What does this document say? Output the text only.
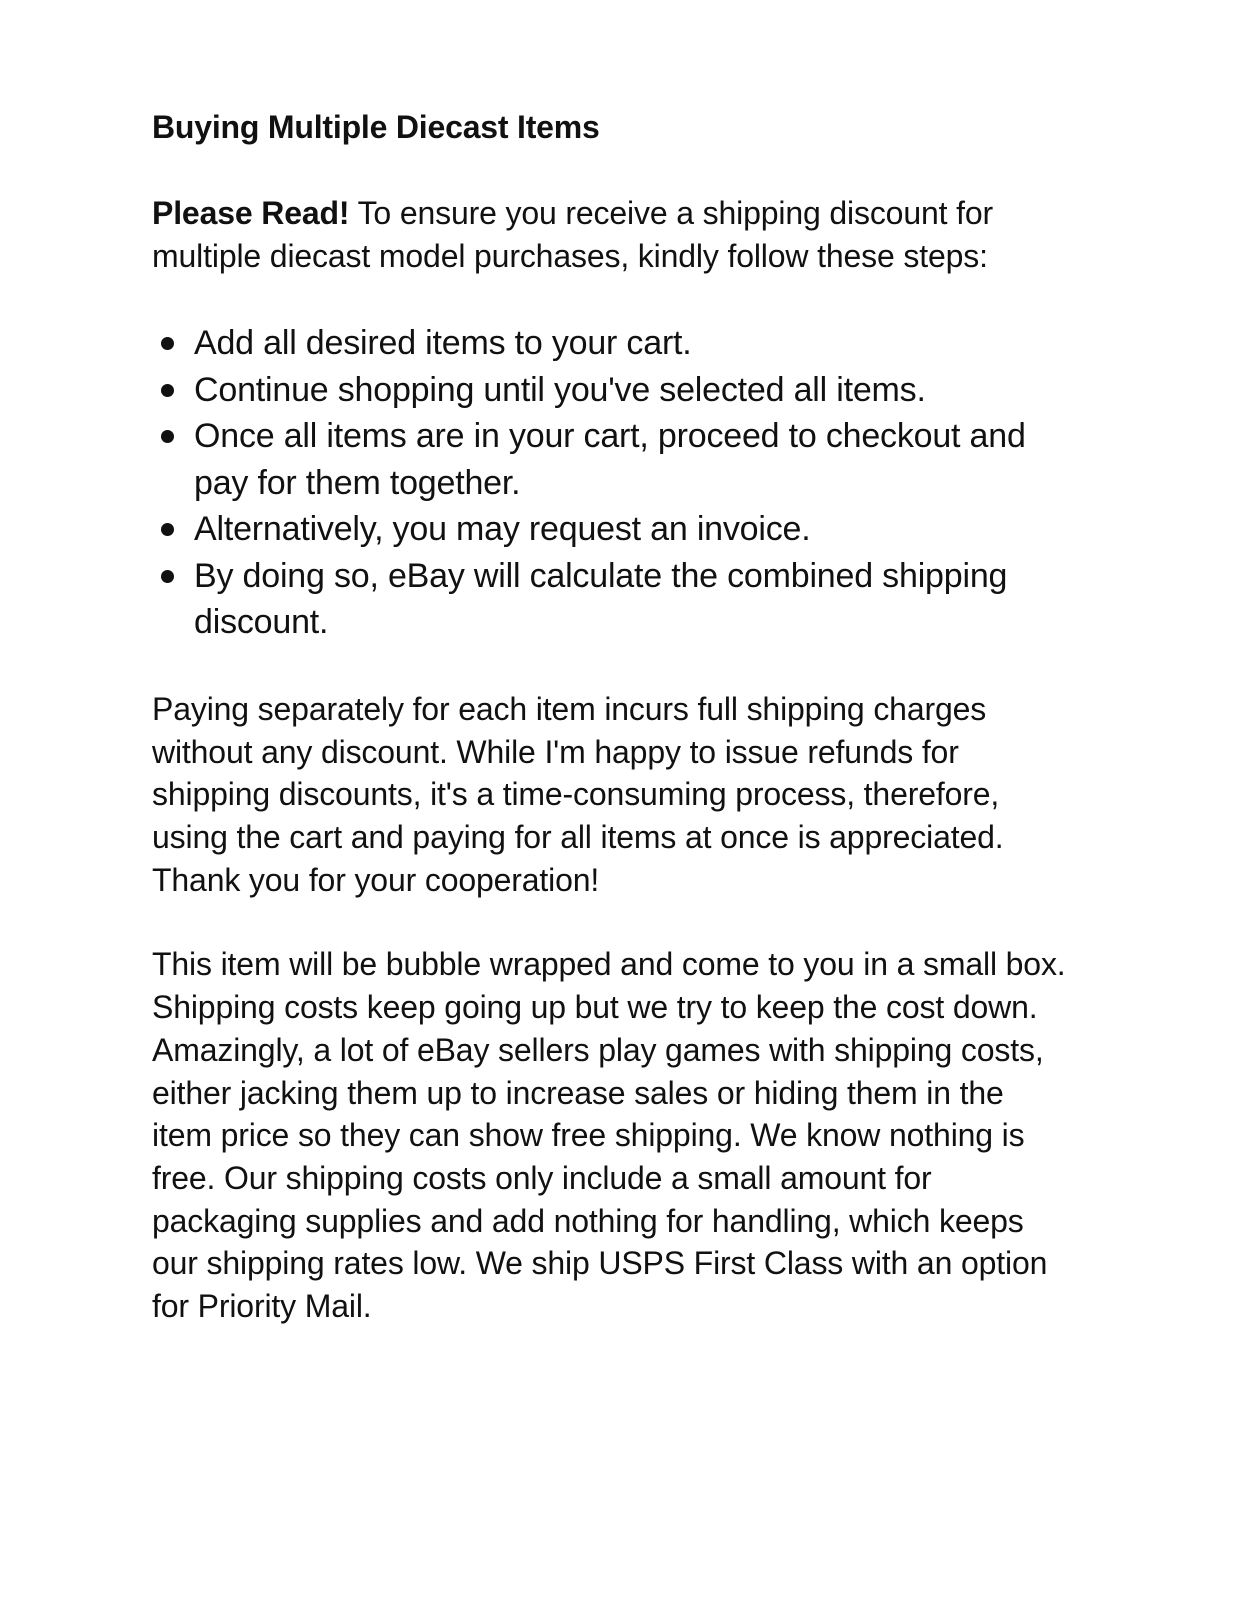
Buying Multiple Diecast Items

Please Read! To ensure you receive a shipping discount for multiple diecast model purchases, kindly follow these steps:

Add all desired items to your cart.
Continue shopping until you've selected all items.
Once all items are in your cart, proceed to checkout and pay for them together.
Alternatively, you may request an invoice.
By doing so, eBay will calculate the combined shipping discount.

Paying separately for each item incurs full shipping charges without any discount. While I'm happy to issue refunds for shipping discounts, it's a time-consuming process, therefore, using the cart and paying for all items at once is appreciated. Thank you for your cooperation!

This item will be bubble wrapped and come to you in a small box. Shipping costs keep going up but we try to keep the cost down. Amazingly, a lot of eBay sellers play games with shipping costs, either jacking them up to increase sales or hiding them in the item price so they can show free shipping. We know nothing is free. Our shipping costs only include a small amount for packaging supplies and add nothing for handling, which keeps our shipping rates low. We ship USPS First Class with an option for Priority Mail.
